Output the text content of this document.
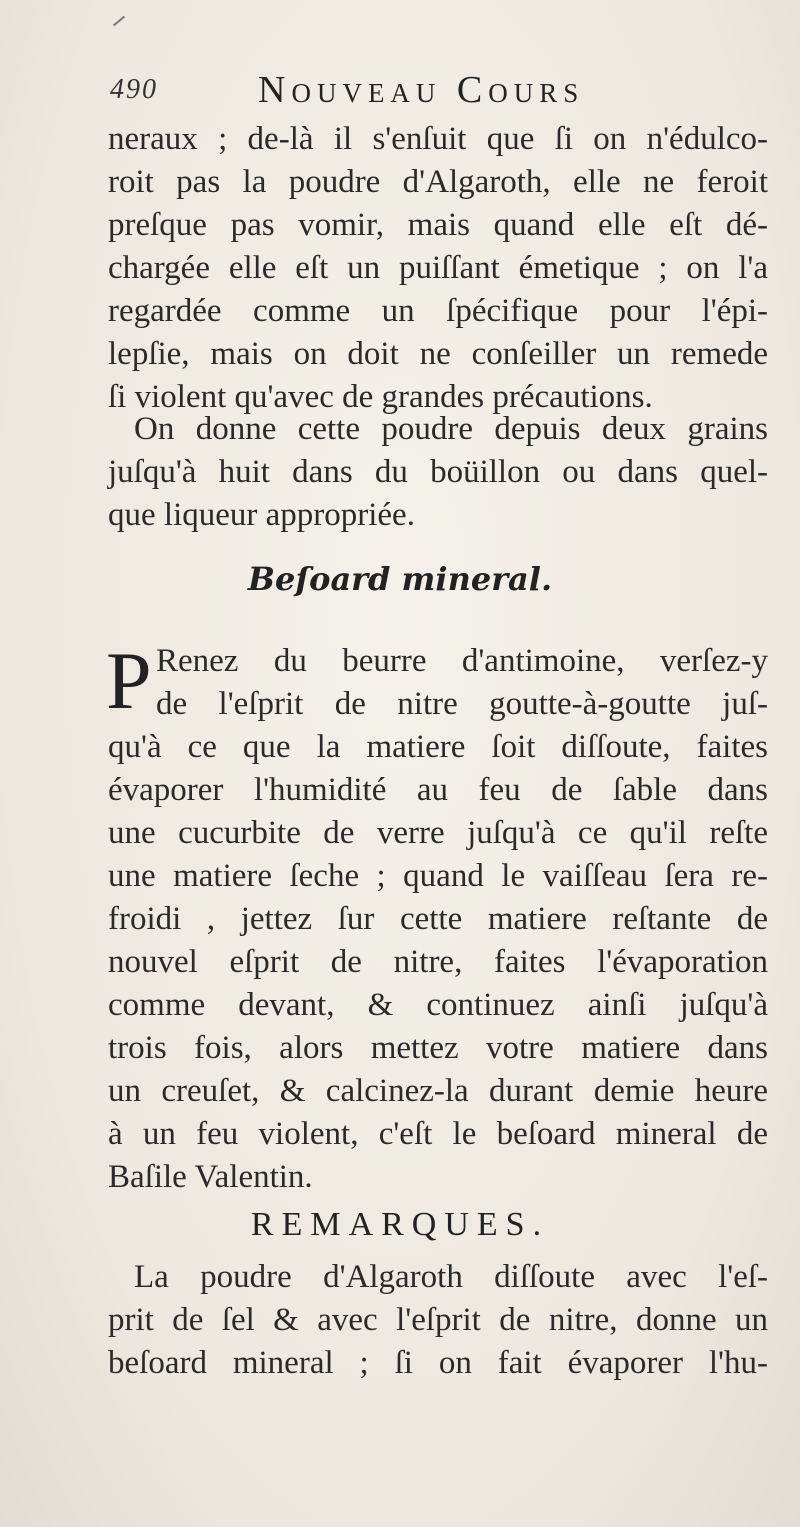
490	Nouveau Cours
neraux ; de-là il s'enſuit que ſi on n'édulco-
roit pas la poudre d'Algaroth, elle ne feroit
preſque pas vomir, mais quand elle eſt dé-
chargée elle eſt un puiſſant émetique ; on l'a
regardée comme un ſpécifique pour l'épi-
lepſie, mais on doit ne conſeiller un remede
ſi violent qu'avec de grandes précautions.
On donne cette poudre depuis deux grains
juſqu'à huit dans du boüillon ou dans quel-
que liqueur appropriée.
Beſoard mineral.
P Renez du beurre d'antimoine, verſez-y
de l'eſprit de nitre goutte-à-goutte juſ-
qu'à ce que la matiere ſoit diſſoute, faites
évaporer l'humidité au feu de ſable dans
une cucurbite de verre juſqu'à ce qu'il reſte
une matiere ſeche ; quand le vaiſſeau ſera re-
froidi , jettez ſur cette matiere reſtante de
nouvel eſprit de nitre, faites l'évaporation
comme devant, & continuez ainſi juſqu'à
trois fois, alors mettez votre matiere dans
un creuſet, & calcinez-la durant demie heure
à un feu violent, c'eſt le beſoard mineral de
Baſile Valentin.
REMARQUES.
La poudre d'Algaroth diſſoute avec l'eſ-
prit de ſel & avec l'eſprit de nitre, donne un
beſoard mineral ; ſi on fait évaporer l'hu-
